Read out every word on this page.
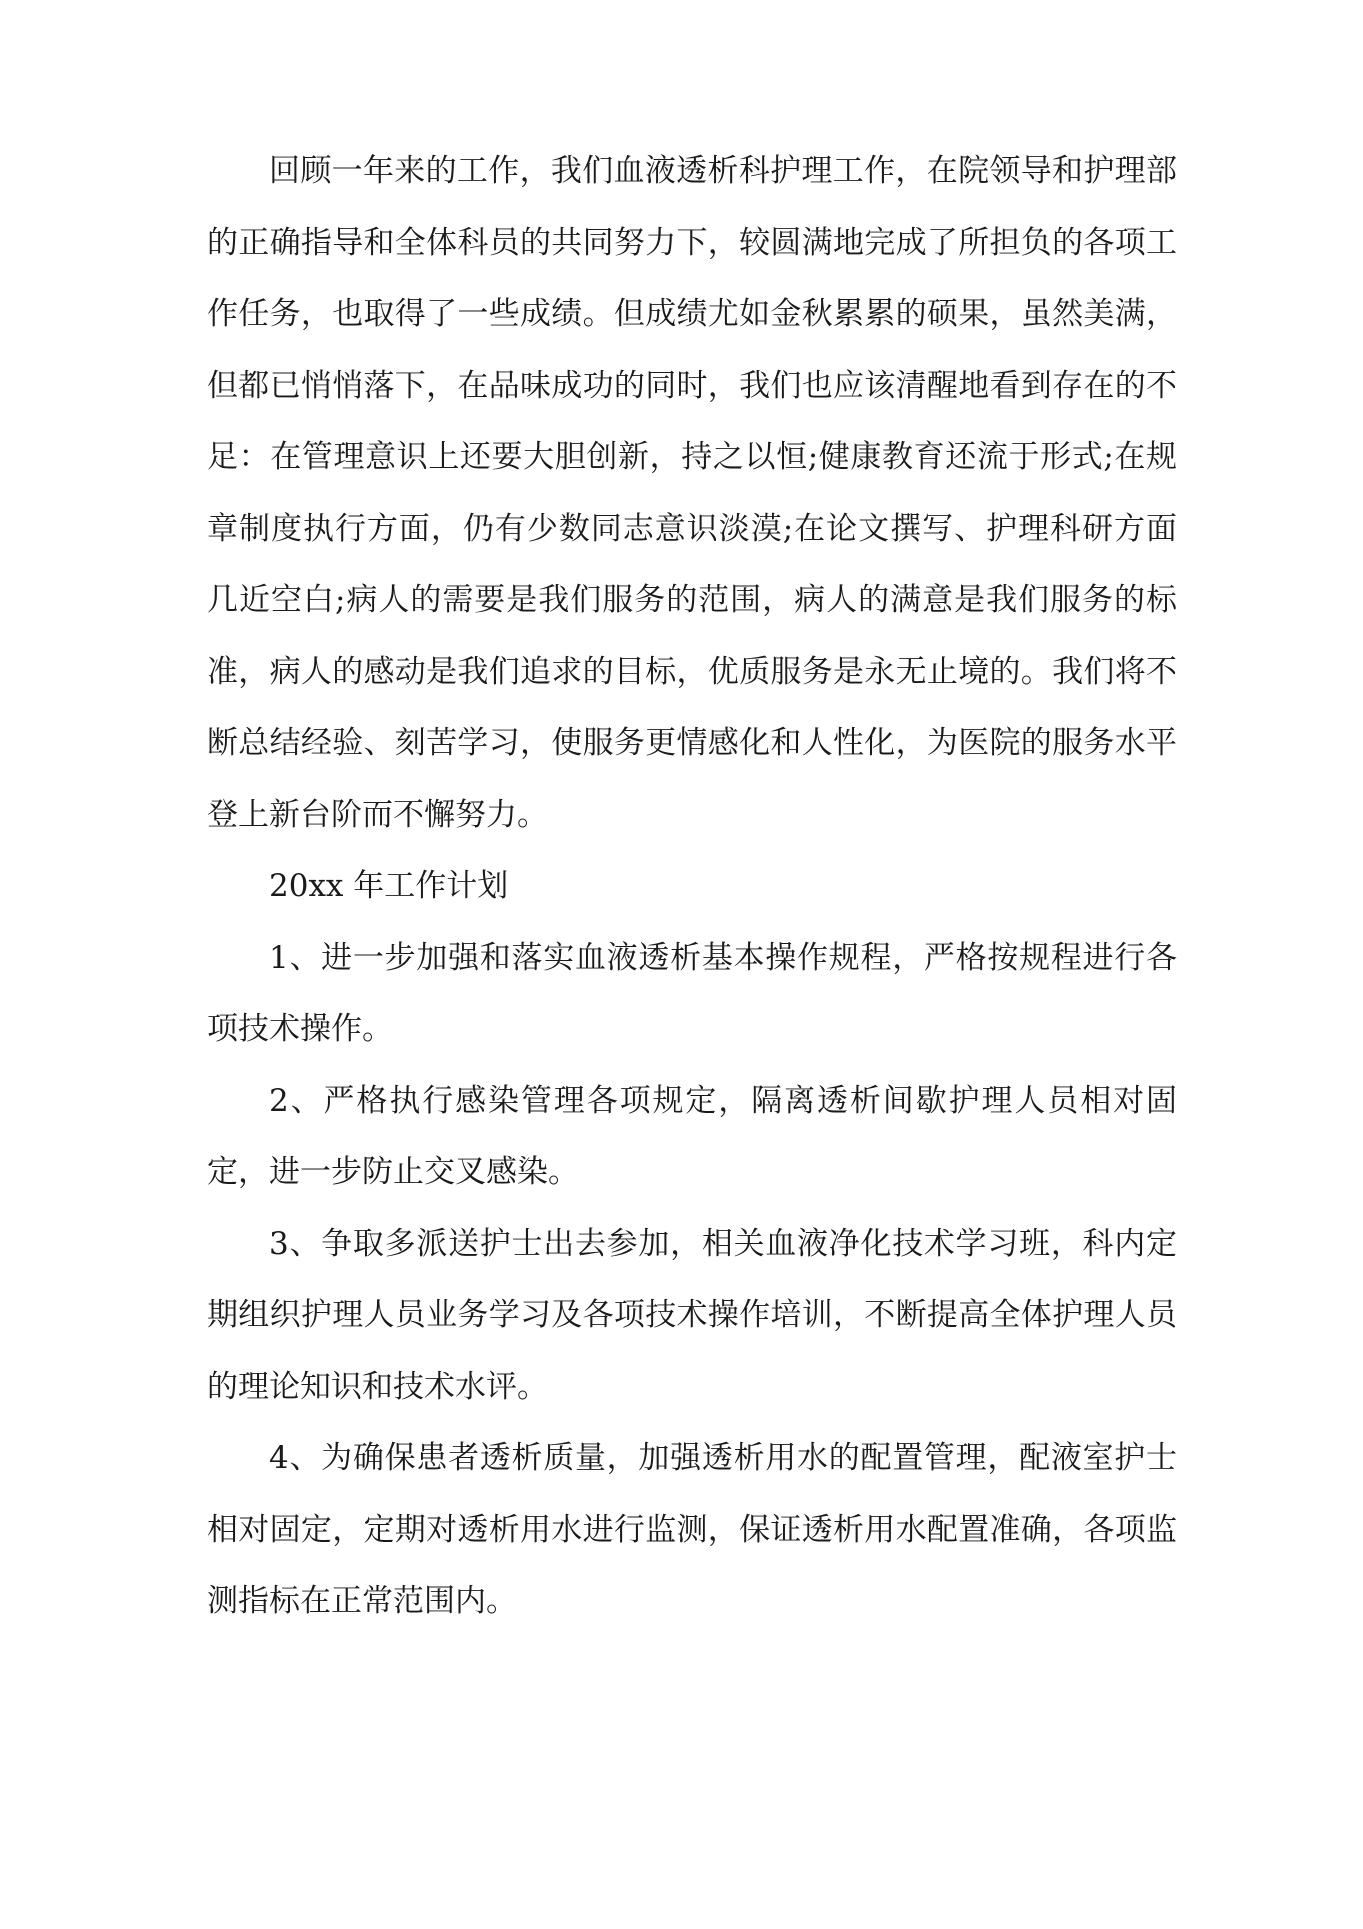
回顾一年来的工作，我们血液透析科护理工作，在院领导和护理部的正确指导和全体科员的共同努力下，较圆满地完成了所担负的各项工作任务，也取得了一些成绩。但成绩尤如金秋累累的硕果，虽然美满，但都已悄悄落下，在品味成功的同时，我们也应该清醒地看到存在的不足：在管理意识上还要大胆创新，持之以恒;健康教育还流于形式;在规章制度执行方面，仍有少数同志意识淡漠;在论文撰写、护理科研方面几近空白;病人的需要是我们服务的范围，病人的满意是我们服务的标准，病人的感动是我们追求的目标，优质服务是永无止境的。我们将不断总结经验、刻苦学习，使服务更情感化和人性化，为医院的服务水平登上新台阶而不懈努力。

20xx 年工作计划

1、进一步加强和落实血液透析基本操作规程，严格按规程进行各项技术操作。

2、严格执行感染管理各项规定，隔离透析间歇护理人员相对固定，进一步防止交叉感染。

3、争取多派送护士出去参加，相关血液净化技术学习班，科内定期组织护理人员业务学习及各项技术操作培训，不断提高全体护理人员的理论知识和技术水评。

4、为确保患者透析质量，加强透析用水的配置管理，配液室护士相对固定，定期对透析用水进行监测，保证透析用水配置准确，各项监测指标在正常范围内。
